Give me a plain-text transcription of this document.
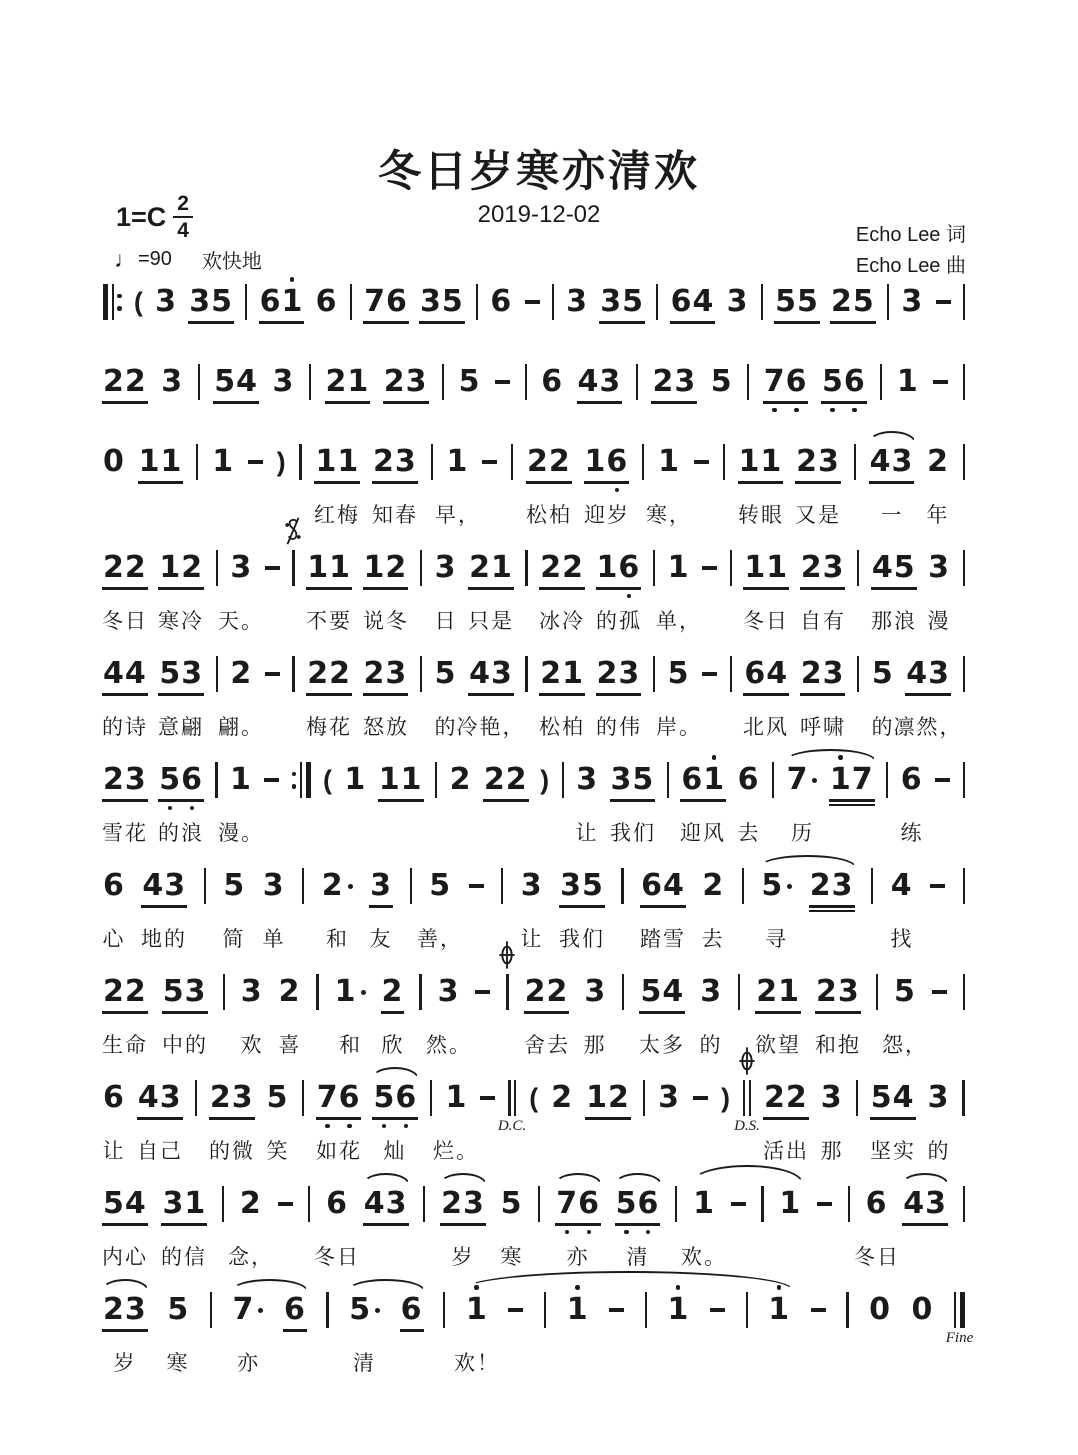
冬日岁寒亦清欢
2019-12-02
$1=C \frac{2}{4}$
♩ =90 欢快地
Echo Lee 词
Echo Lee 曲
( 3 3 5 6 1 6 7 6 3 5 6 3 3 5 6 4 3 5 5 2 5 3
2 2 3 5 4 3 2 1 2 3 5 6 4 3 2 3 5 7 6 5 6 1
0 1 1 1 ) 1 1 2 3 1 2 2 1 6 1 1 1 2 3 4 3 2
红梅 知春 早， 松柏 迎岁 寒， 转眼 又是 一 年
2 2 1 2 3 1 1 1 2 3 2 1 2 2 1 6 1 1 1 2 3 4 5 3
冬日 寒冷 天。 不要 说冬 日 只是 冰冷 的孤 单， 冬日 自有 那浪 漫
4 4 5 3 2 2 2 2 3 5 4 3 2 1 2 3 5 6 4 2 3 5 4 3
的诗 意翩 翩。 梅花 怒放 的 冷艳， 松柏 的伟 岸。 北风 呼啸 的 凛然，
2 3 5 6 1	( 1 1 1 2 2 2 ) 3 3 5 6 1 6 7 1 7 6
雪花 的浪 漫。	让 我们 迎风 去 历	练
6 4 3 5 3 2 3 5 3 3 5 6 4 2 5 2 3 4
心 地的 简 单 和 友 善，	让 我们 踏雪 去 寻	找
2 2 5 3 3 2 1 2 3 2 2 3 5 4 3 2 1 2 3 5
生命 中的 欢 喜 和 欣 然。 舍去 那 太多 的 欲望 和抱 怨，
6 4 3 2 3 5 7 6 5 6 1 ( 2 1 2 3 ) 2 2 3 5 4 3
D.C.	D.S.
让 自己 的微 笑 如花 灿 烂。	活出 那 坚实 的
5 4 3 1 2 6 4 3 2 3 5 7 6 5 6 1 1 6 4 3
内心 的信 念， 冬日	岁 寒 亦 清 欢。	冬日
2 3 5 7 6 5 6 1	1	1	1	0 0
Fine
岁 寒 亦	清	欢！
